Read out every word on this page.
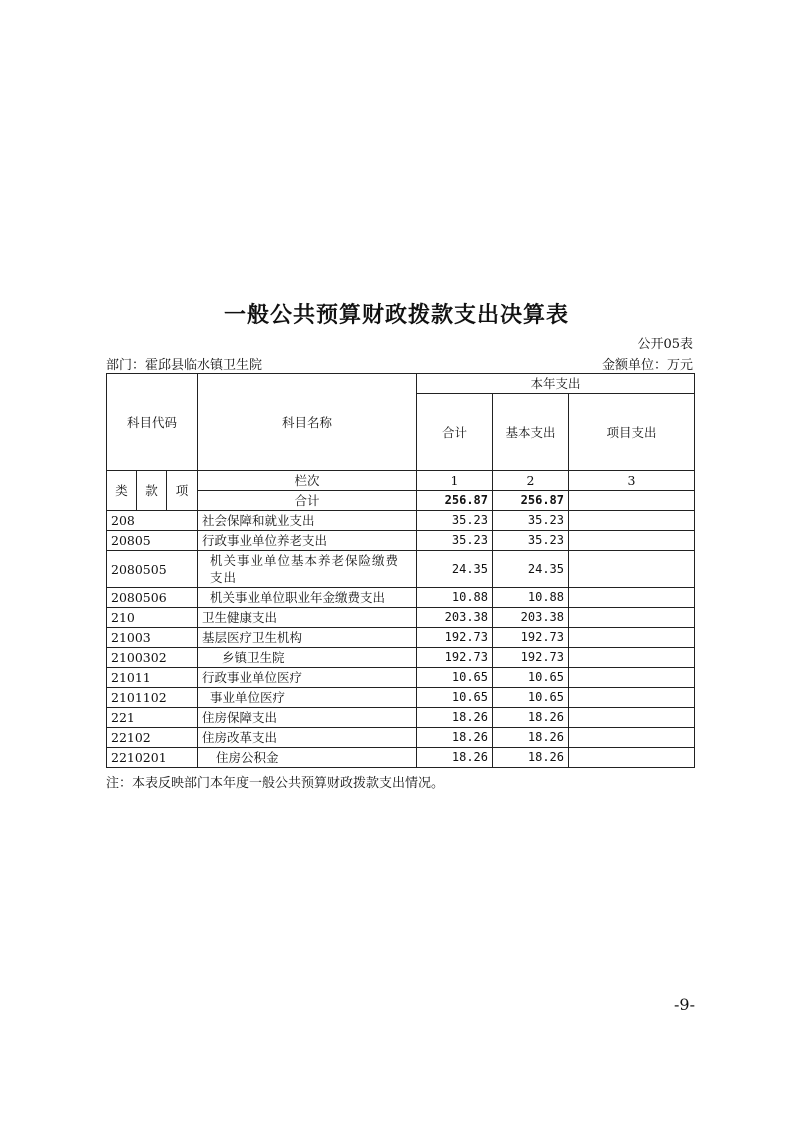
一般公共预算财政拨款支出决算表
公开05表
部门：霍邱县临水镇卫生院	金额单位：万元
科目代码			科目名称	本年支出		
				合计	基本支出	项目支出
类	款	项	栏次	1	2	3
			合计	256.87	256.87	
208			社会保障和就业支出	35.23	35.23	
20805			行政事业单位养老支出	35.23	35.23	
2080505			机关事业单位基本养老保险缴费支出	24.35	24.35	
2080506			机关事业单位职业年金缴费支出	10.88	10.88	
210			卫生健康支出	203.38	203.38	
21003			基层医疗卫生机构	192.73	192.73	
2100302			乡镇卫生院	192.73	192.73	
21011			行政事业单位医疗	10.65	10.65	
2101102			事业单位医疗	10.65	10.65	
221			住房保障支出	18.26	18.26	
22102			住房改革支出	18.26	18.26	
2210201			住房公积金	18.26	18.26	
注：本表反映部门本年度一般公共预算财政拨款支出情况。
-9-
